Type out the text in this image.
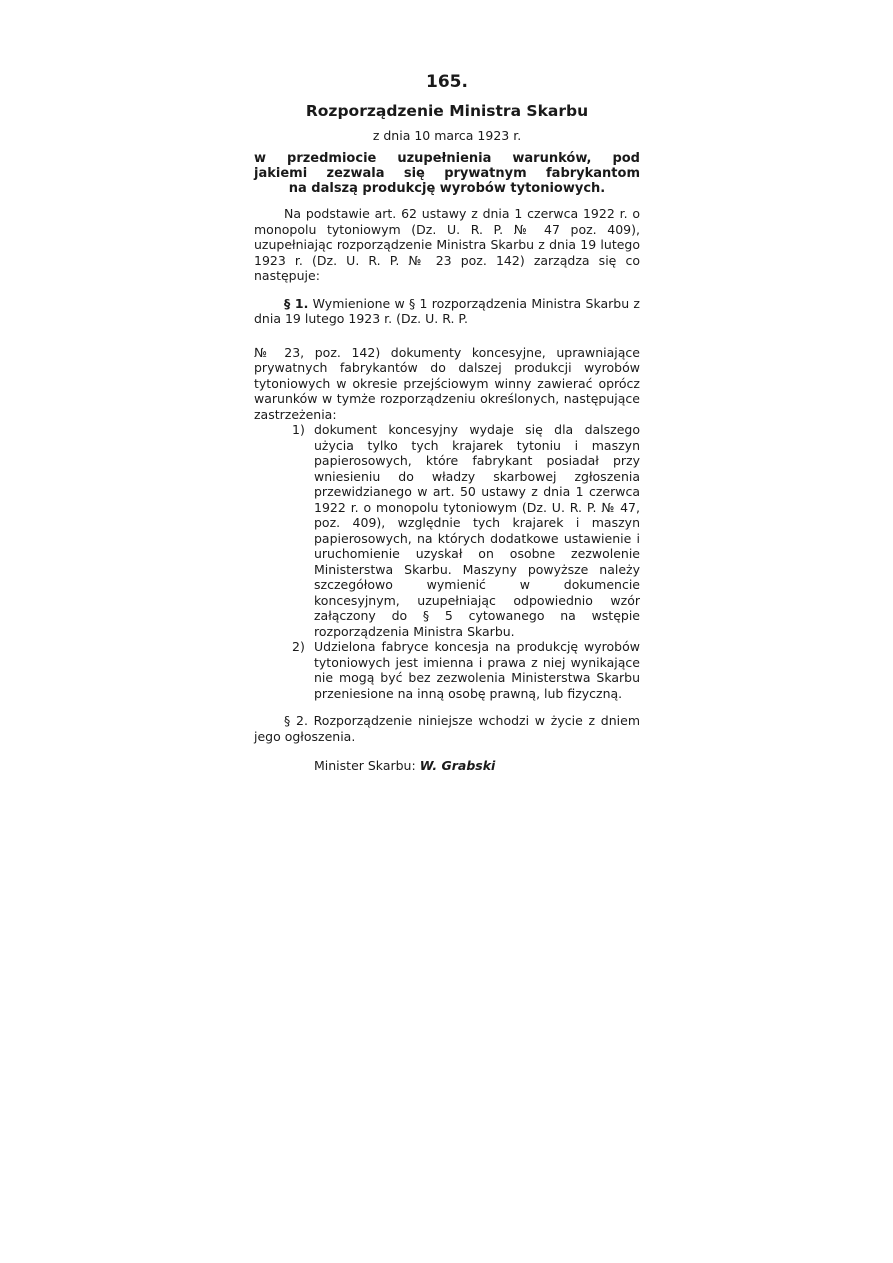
165.
Rozporządzenie Ministra Skarbu
z dnia 10 marca 1923 r.
w przedmiocie uzupełnienia warunków, pod
jakiemi zezwala się prywatnym fabrykantom
na dalszą produkcję wyrobów tytoniowych.

Na podstawie art. 62 ustawy z dnia 1 czerwca 1922 r. o monopolu tytoniowym (Dz. U. R. P. № 47 poz. 409), uzupełniając rozporządzenie Ministra Skarbu z dnia 19 lutego 1923 r. (Dz. U. R. P. № 23 poz. 142) zarządza się co następuje:

§ 1. Wymienione w § 1 rozporządzenia Ministra Skarbu z dnia 19 lutego 1923 r. (Dz. U. R. P.

№ 23, poz. 142) dokumenty koncesyjne, uprawniające prywatnych fabrykantów do dalszej produkcji wyrobów tytoniowych w okresie przejściowym winny zawierać oprócz warunków w tymże rozporządzeniu określonych, następujące zastrzeżenia:

1) dokument koncesyjny wydaje się dla dalszego użycia tylko tych krajarek tytoniu i maszyn papierosowych, które fabrykant posiadał przy wniesieniu do władzy skarbowej zgłoszenia przewidzianego w art. 50 ustawy z dnia 1 czerwca 1922 r. o monopolu tytoniowym (Dz. U. R. P. № 47, poz. 409), względnie tych krajarek i maszyn papierosowych, na których dodatkowe ustawienie i uruchomienie uzyskał on osobne zezwolenie Ministerstwa Skarbu. Maszyny powyższe należy szczegółowo wymienić w dokumencie koncesyjnym, uzupełniając odpowiednio wzór załączony do § 5 cytowanego na wstępie rozporządzenia Ministra Skarbu.
2) Udzielona fabryce koncesja na produkcję wyrobów tytoniowych jest imienna i prawa z niej wynikające nie mogą być bez zezwolenia Ministerstwa Skarbu przeniesione na inną osobę prawną, lub fizyczną.

§ 2. Rozporządzenie niniejsze wchodzi w życie z dniem jego ogłoszenia.

Minister Skarbu: W. Grabski
